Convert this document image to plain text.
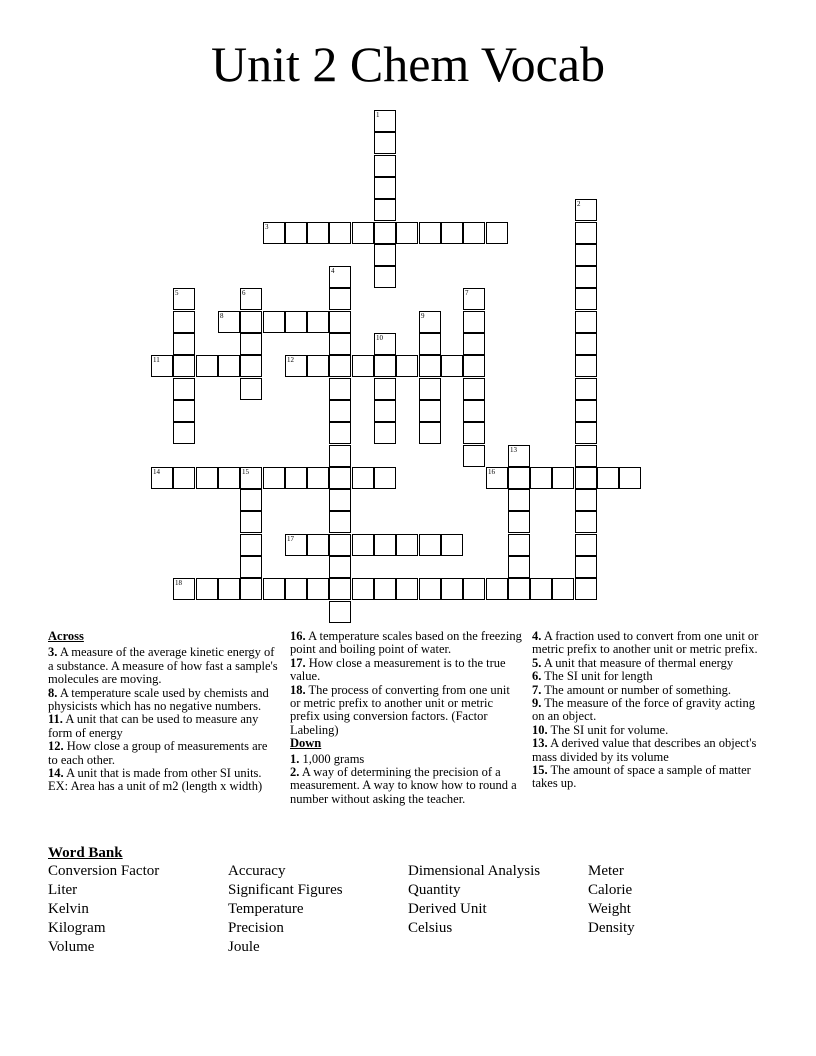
Unit 2 Chem Vocab
1
2
3
4
5	6	7
8	9
10
11	12
13
14	15	16
17
18
Across
3. A measure of the average kinetic energy of a substance. A measure of how fast a sample's molecules are moving.
8. A temperature scale used by chemists and physicists which has no negative numbers.
11. A unit that can be used to measure any form of energy
12. How close a group of measurements are to each other.
14. A unit that is made from other SI units. EX: Area has a unit of m2 (length x width)
16. A temperature scales based on the freezing point and boiling point of water.
17. How close a measurement is to the true value.
18. The process of converting from one unit or metric prefix to another unit or metric prefix using conversion factors. (Factor Labeling)
Down
1. 1,000 grams
2. A way of determining the precision of a measurement. A way to know how to round a number without asking the teacher.
4. A fraction used to convert from one unit or metric prefix to another unit or metric prefix.
5. A unit that measure of thermal energy
6. The SI unit for length
7. The amount or number of something.
9. The measure of the force of gravity acting on an object.
10. The SI unit for volume.
13. A derived value that describes an object's mass divided by its volume
15. The amount of space a sample of matter takes up.
Word Bank
Conversion Factor	Accuracy	Dimensional Analysis	Meter
Liter	Significant Figures	Quantity	Calorie
Kelvin	Temperature	Derived Unit	Weight
Kilogram	Precision	Celsius	Density
Volume	Joule
